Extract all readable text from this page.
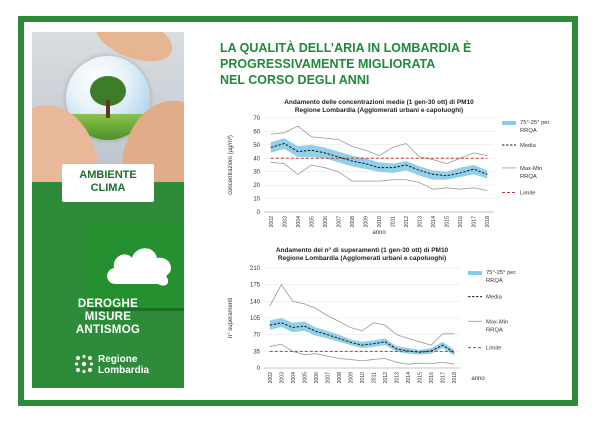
AMBIENTE
CLIMA
DEROGHE
MISURE
ANTISMOG
Regione
Lombardia
LA QUALITÀ DELL’ARIA IN LOMBARDIA È
PROGRESSIVAMENTE MIGLIORATA
NEL CORSO DEGLI ANNI
Andamento delle concentrazioni medie (1 gen-30 ott) di PM10
Regione Lombardia (Agglomerati urbani e capoluoghi)
0
10
20
30
40
50
60
70
2002 2003 2004 2005 2006 2007 2008 2009 2010 2011 2012 2013 2014 2015 2016 2017 2018
concentrazioni (µg/m³)
75°-25° per.
RRQA
Media
Max-Min
RRQA
Limite
anno
Andamento del n° di superamenti (1 gen-30 ott) di PM10
Regione Lombardia (Agglomerati urbani e capoluoghi)
0
35
70
105
140
175
210
2002 2003 2004 2005 2006 2007 2008 2009 2010 2011 2012 2013 2014 2015 2016 2017 2018
n° superamenti
75°-25° per.
RRQA
Media
Max-Min
RRQA
Limite
anno
